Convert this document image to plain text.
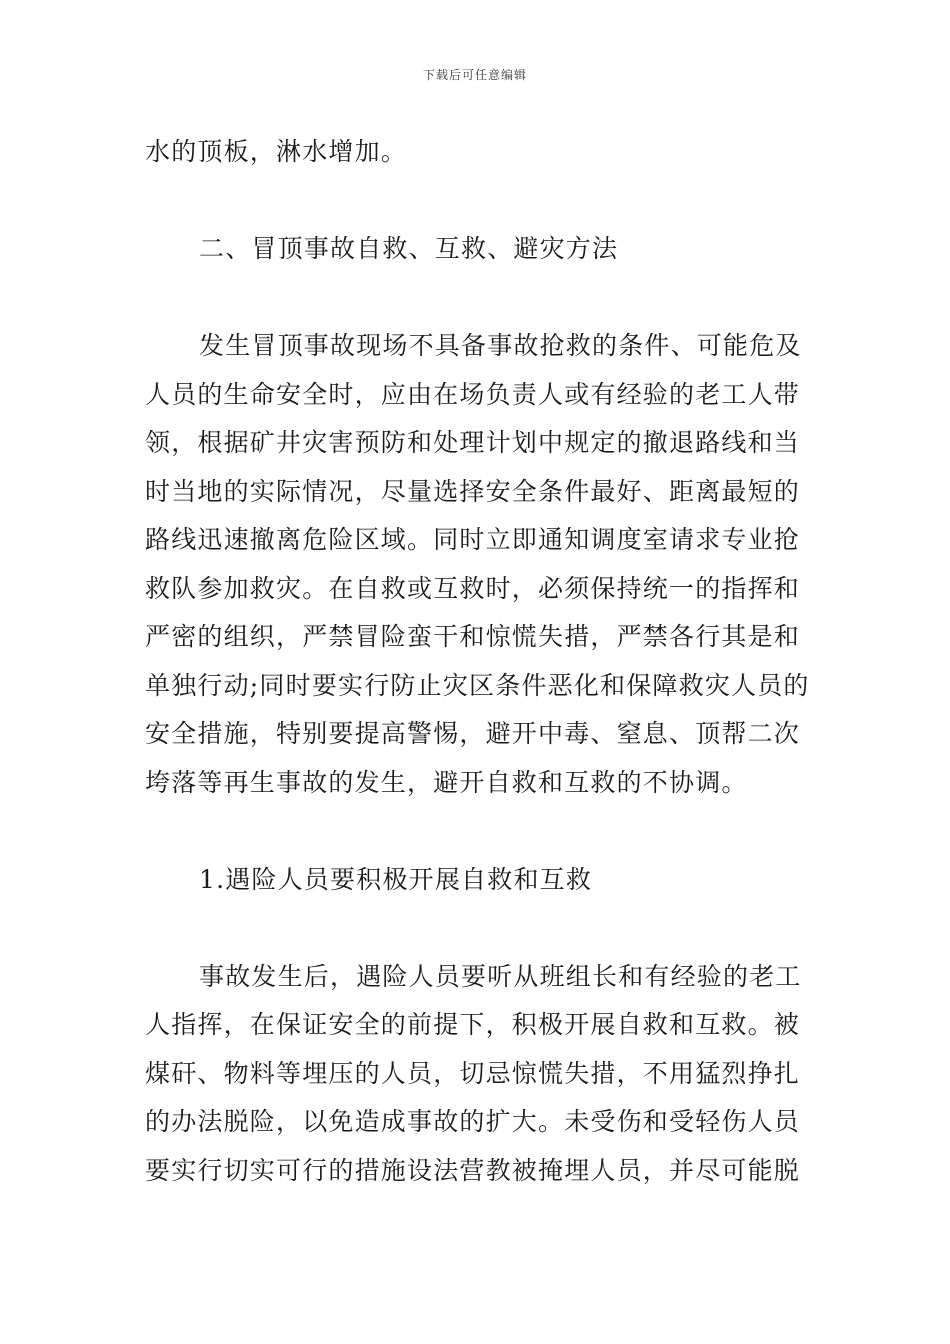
下载后可任意编辑
水的顶板，淋水增加。
二、冒顶事故自救、互救、避灾方法
发生冒顶事故现场不具备事故抢救的条件、可能危及
人员的生命安全时，应由在场负责人或有经验的老工人带
领，根据矿井灾害预防和处理计划中规定的撤退路线和当
时当地的实际情况，尽量选择安全条件最好、距离最短的
路线迅速撤离危险区域。同时立即通知调度室请求专业抢
救队参加救灾。在自救或互救时，必须保持统一的指挥和
严密的组织，严禁冒险蛮干和惊慌失措，严禁各行其是和
单独行动;同时要实行防止灾区条件恶化和保障救灾人员的
安全措施，特别要提高警惕，避开中毒、窒息、顶帮二次
垮落等再生事故的发生，避开自救和互救的不协调。
1.遇险人员要积极开展自救和互救
事故发生后，遇险人员要听从班组长和有经验的老工
人指挥，在保证安全的前提下，积极开展自救和互救。被
煤矸、物料等埋压的人员，切忌惊慌失措，不用猛烈挣扎
的办法脱险，以免造成事故的扩大。未受伤和受轻伤人员
要实行切实可行的措施设法营教被掩埋人员，并尽可能脱
